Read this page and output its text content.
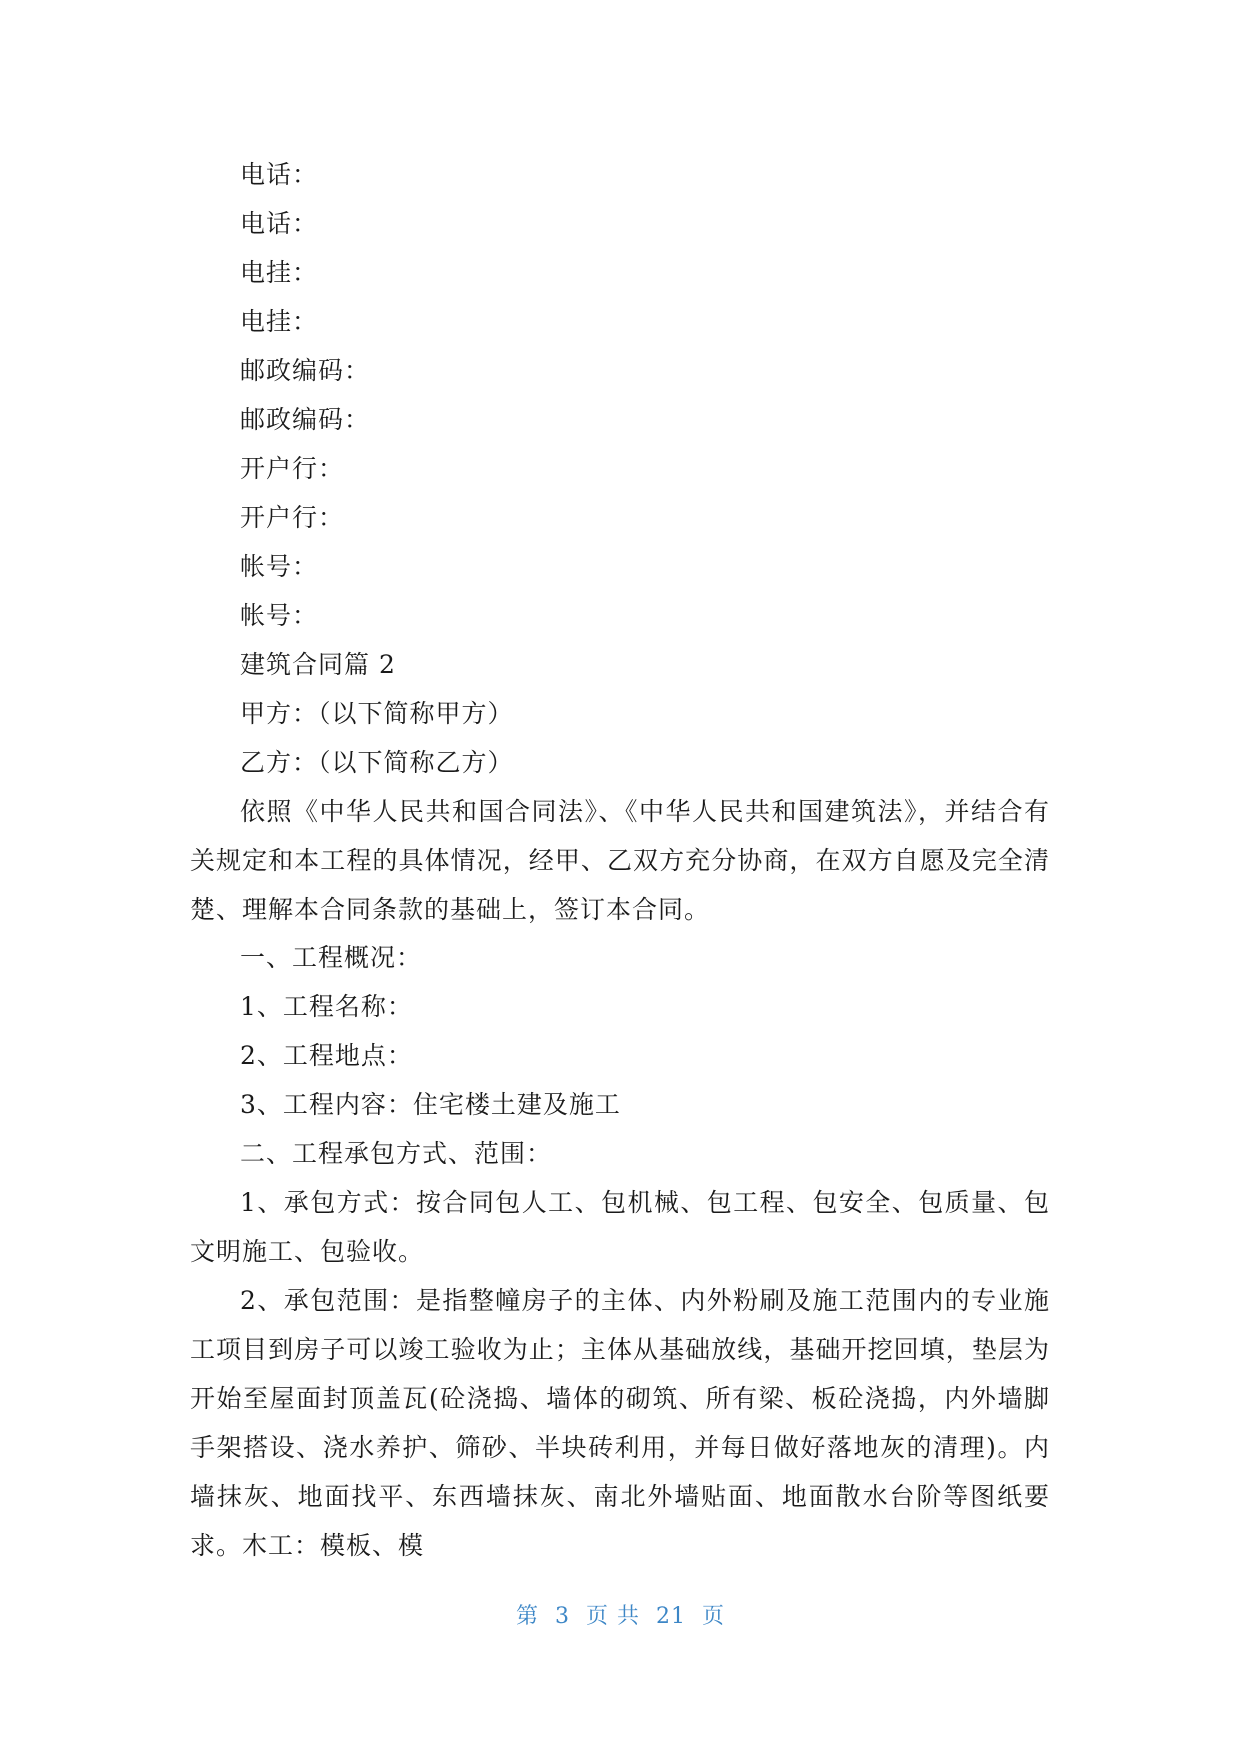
电话：
电话：
电挂：
电挂：
邮政编码：
邮政编码：
开户行：
开户行：
帐号：
帐号：
建筑合同篇 2
甲方：（以下简称甲方）
乙方：（以下简称乙方）

依照《中华人民共和国合同法》、《中华人民共和国建筑法》，并结合有关规定和本工程的具体情况，经甲、乙双方充分协商，在双方自愿及完全清楚、理解本合同条款的基础上，签订本合同。

一、工程概况：
1、工程名称：
2、工程地点：
3、工程内容：住宅楼土建及施工
二、工程承包方式、范围：

1、承包方式：按合同包人工、包机械、包工程、包安全、包质量、包文明施工、包验收。

2、承包范围：是指整幢房子的主体、内外粉刷及施工范围内的专业施工项目到房子可以竣工验收为止；主体从基础放线，基础开挖回填，垫层为开始至屋面封顶盖瓦(砼浇捣、墙体的砌筑、所有梁、板砼浇捣，内外墙脚手架搭设、浇水养护、筛砂、半块砖利用，并每日做好落地灰的清理)。内墙抹灰、地面找平、东西墙抹灰、南北外墙贴面、地面散水台阶等图纸要求。木工：模板、模

第  3  页 共  21  页
